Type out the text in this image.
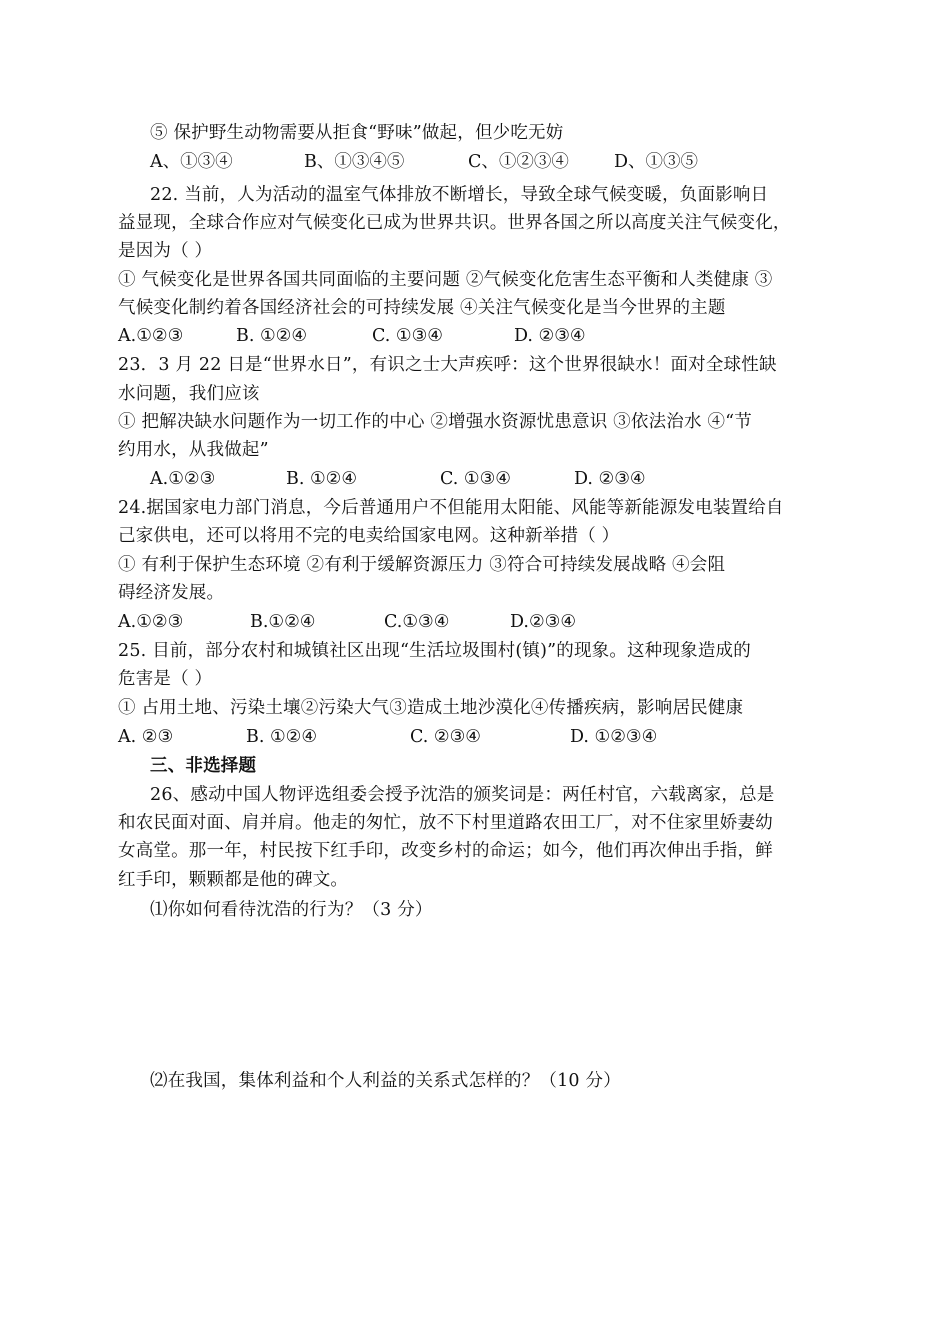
⑤ 保护野生动物需要从拒食“野味”做起，但少吃无妨
A、①③④	B、①③④⑤	C、①②③④	D、①③⑤
22. 当前，人为活动的温室气体排放不断增长，导致全球气候变暖，负面影响日
益显现，全球合作应对气候变化已成为世界共识。世界各国之所以高度关注气候变化，
是因为（ ）
① 气候变化是世界各国共同面临的主要问题 ②气候变化危害生态平衡和人类健康 ③
气候变化制约着各国经济社会的可持续发展 ④关注气候变化是当今世界的主题
A.①②③	B. ①②④	C. ①③④	D. ②③④
23．3 月 22 日是“世界水日”，有识之士大声疾呼：这个世界很缺水！面对全球性缺
水问题，我们应该
① 把解决缺水问题作为一切工作的中心 ②增强水资源忧患意识 ③依法治水 ④“节
约用水，从我做起”
A.①②③	B. ①②④	C. ①③④	D. ②③④
24.据国家电力部门消息，今后普通用户不但能用太阳能、风能等新能源发电装置给自
己家供电，还可以将用不完的电卖给国家电网。这种新举措（ ）
① 有利于保护生态环境 ②有利于缓解资源压力 ③符合可持续发展战略 ④会阻
碍经济发展。
A.①②③	B.①②④	C.①③④	D.②③④
25. 目前，部分农村和城镇社区出现“生活垃圾围村(镇)”的现象。这种现象造成的
危害是（ ）
① 占用土地、污染土壤②污染大气③造成土地沙漠化④传播疾病，影响居民健康
A. ②③	B. ①②④	C. ②③④	D. ①②③④
三、非选择题
26、感动中国人物评选组委会授予沈浩的颁奖词是：两任村官，六载离家，总是
和农民面对面、肩并肩。他走的匆忙，放不下村里道路农田工厂，对不住家里娇妻幼
女高堂。那一年，村民按下红手印，改变乡村的命运；如今，他们再次伸出手指，鲜
红手印，颗颗都是他的碑文。
⑴你如何看待沈浩的行为？（3 分）
⑵在我国，集体利益和个人利益的关系式怎样的？（10 分）
